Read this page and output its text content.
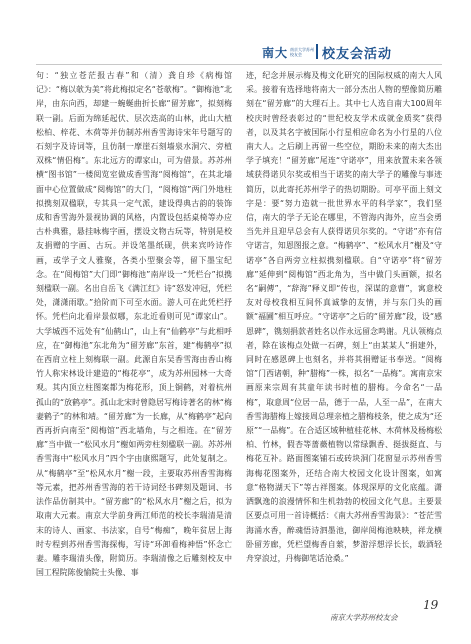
南大 南京大学苏州
校友会	校友会活动

句：“独立苍茫报古春”和（清）龚自珍《病梅馆记》：“梅以欹为美”将此梅拟定名“苍欹梅”。“御梅池”北岸，由东向西，却建一蜿蜒曲折长廊“留芳廊”，拟刻梅联一副。后面为绵延起伏、层次迭高的山林，此山大植松柏、梓花、木荷等并仿制苏州香雪海诗宋年号题写的石刻字及诗词等，且仿制一摩崖石刻墙泉水洞穴、旁植双株“情侣梅”。东北远方的谭家山，可为借景。苏苏州横“图书馆”一楼阅览室做成香雪海“阅梅馆”，在其北墙面中心位置做成“阅梅馆”的大门，“阅梅馆”两门外地柱拟携刻双楹联，专其具一定气派，建设得典古韵的装饰成和香雪海外景视协调的风格，内置设包括桌椅等办应古朴典雅，悬挂咏梅字画，摆设文物古玩等，特别是校友捐赠的字画、古玩。并设笔墨纸砚，供来宾吟诗作画，或学子文人雅聚，各类小型聚会等，留下墨宝纪念。在“阅梅馆”大门即“御梅池”南岸设一“凭栏台”拟携刻楹联一副。名出自岳飞《满江红》诗“怒发冲冠，凭栏处，潇潇雨歇。”拾阶而下可至水面。游人可在此凭栏抒怀。凭栏向北看岸景似哪，东北近看则可见“谭家山”。大学城西不远处有“仙鹤山”，山上有“仙鹤亭”与此相呼应，在“御梅池”东北角为“留芳廊”东首，建“梅鹤亭”拟在西肩立柱上刻梅联一副。此源自东吴香雪海由香山梅竹人称宋林设计建造的“梅花亭”，成为苏州园林一大奇观。其内顶立柱图案都为梅花形，顶上铜鹤，对着杭州孤山的“放鹤亭”。孤山北宋时曾隐居写梅诗著名的林“梅妻鹤子”的林和靖。“留芳廊”为一长廊，从“梅鹤亭”起向西再折向南至“阅梅馆”西北墙角，与之相连。在“留芳廊”当中做一“松风水月”榭如两旁柱刻楹联一副。苏苏州香雪海中“松风水月”四个字由康熙题写，此处复制之。从“梅鹤亭”至“松风水月”榭一段，主要取苏州香雪海梅等元素，把苏州香雪海的若干诗词经书碑刻及题词、书法作品仿制其中。“留芳廊”的“松风水月”榭之后，拟为取南大元素。南京大学前身两江师范的校长李瑞清是清末的诗人、画家、书法家，自号“梅痴”，晚年贫居上海时专程到苏州香雪海探梅，写诗“环卸看梅神悟”怀念亡妻。雕李瑞清头像，附简历。李瑞清像之后雕刻校友中国工程院陈俊愉院士头像、事

迹，纪念并展示梅及梅文化研究的国际权威的南大人风采。接着有选择地将南大一部分杰出人物的塑像简历雕刻在“留芳廊”的大理石上。其中七人选自南大100周年校庆时曾经表彰过的“世纪校友学术成就金质奖”获得者，以及其名字被国际小行星相应命名为小行星的八位南大人。之后刷上再留一些空位，期盼未来的南大杰出学子填充！“留芳廊”尾连“守诺亭”，用来放置未来各领域获得诺贝尔奖或相当于诺奖的南大学子的雕像与事迹简历，以此寄托苏州学子的热切期盼。可亭平面上刻文字是：要“努力造就一批世界水平的科学家”，我们坚信，南大的学子无论在哪里，不管海内海外，应当会勇当先并且迎早总会有人获得诺贝尔奖的。“守诺”亦有信守诺言，知恩图报之意。“梅鹤亭”、“松风水月”榭及“守诺亭”各自两旁立柱拟携刻楹联。自“守诺亭”将“留芳廊”延伸到“阅梅馆”西北角为，当中做门头画额，拟名名“嗣傳”，“辞海”释义即“传也，深谋的意曹”，寓意校友对母校我相互间怀真诚挚的友情，并与东门头的画额“福圃”相互呼应。“守诺亭”之后的“留芳廊”段，设“感恩碑”，镌刻捐款者姓名以作永远留念鸣谢。凡认领梅点者，除在该梅点处做一石碑，刻上“由某某人”捐建外，同时在感恩碑上也刻名，并将其捐赠证书奉送。“阅梅馆”门西诸朝，种“腊梅”一株，拟名“一品梅”。寓南京宋画原来宗周有其童年读书时植的腊梅。今命名“一品梅”，取意周“位居一品，德于一品，人至一品”，在南大香雪海腊梅上嫁接周总理亲植之腊梅枝条，使之成为“还原”“一品梅”。在合适区域种植桂花林、木荷林及杨梅松柏、竹林，假杏等蔷薇植物以常绿飘香、挺拔挺直、与梅花互补。路面图案铺石或砖块洞门花窗显示苏州香雪海梅花图案外，还结合南大校园文化设计图案，如寓意“格物湖天下”等古祥图案。体现深厚的文化底蕴。潇洒飘逸的浪漫情怀和生机勃勃的校园文化气息。主要景区要点可用一首诗概括：《南大苏州香雪海景》：“苍茫雪海涌水香，醉魂悟诗泗墨池，御岸阅梅池映映，祥龙横卧留芳廊，凭栏望梅香自萦，梦游浮想浮长长，载酒轻舟穿浪过，丹梅御笔话沧桑。”

19
南京大学苏州校友会
